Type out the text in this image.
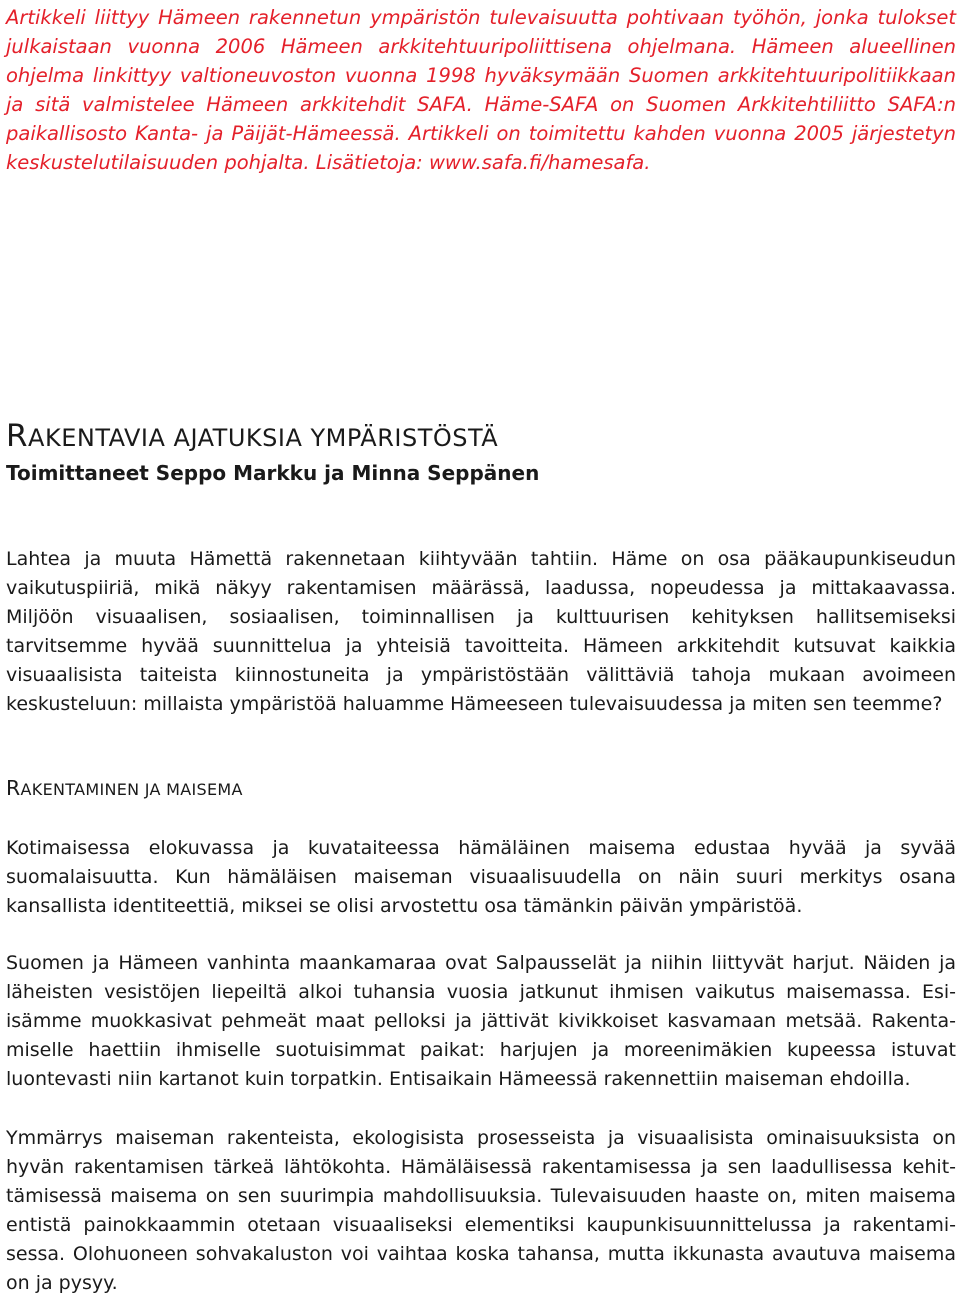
Artikkeli liittyy Hämeen rakennetun ympäristön tulevaisuutta pohtivaan työhön, jonka tulokset julkaistaan vuonna 2006 Hämeen arkkitehtuuripoliittisena ohjelmana. Hämeen alueellinen ohjelma linkittyy valtioneuvoston vuonna 1998 hyväksymään Suomen arkkitehtuuripolitiikkaan ja sitä valmistelee Hämeen arkkitehdit SAFA. Häme-SAFA on Suomen Arkkitehtiliitto SAFA:n paikallisosto Kanta- ja Päijät-Hämeessä. Artikkeli on toimitettu kahden vuonna 2005 järjestetyn keskustelutilaisuuden pohjalta. Lisätietoja: www.safa.fi/hamesafa.

RAKENTAVIA AJATUKSIA YMPÄRISTÖSTÄ

Toimittaneet Seppo Markku ja Minna Seppänen

Lahtea ja muuta Hämettä rakennetaan kiihtyvään tahtiin. Häme on osa pääkaupunkiseudun vaikutuspiiriä, mikä näkyy rakentamisen määrässä, laadussa, nopeudessa ja mittakaavassa. Miljöön visuaalisen, sosiaalisen, toiminnallisen ja kulttuurisen kehityksen hallitsemiseksi tarvitsemme hyvää suunnittelua ja yhteisiä tavoitteita. Hämeen arkkitehdit kutsuvat kaikkia visuaalisista taiteista kiinnostuneita ja ympäristöstään välittäviä tahoja mukaan avoimeen keskusteluun: millaista ympäristöä haluamme Hämeeseen tulevaisuudessa ja miten sen teemme?

RAKENTAMINEN JA MAISEMA

Kotimaisessa elokuvassa ja kuvataiteessa hämäläinen maisema edustaa hyvää ja syvää suomalaisuutta. Kun hämäläisen maiseman visuaalisuudella on näin suuri merkitys osana kansallista identiteettiä, miksei se olisi arvostettu osa tämänkin päivän ympäristöä.

Suomen ja Hämeen vanhinta maankamaraa ovat Salpausselät ja niihin liittyvät harjut. Näiden ja läheisten vesistöjen liepeiltä alkoi tuhansia vuosia jatkunut ihmisen vaikutus maisemassa. Esiisämme muokkasivat pehmeät maat pelloksi ja jättivät kivikkoiset kasvamaan metsää. Rakentamiselle haettiin ihmiselle suotuisimmat paikat: harjujen ja moreenimäkien kupeessa istuvat luontevasti niin kartanot kuin torpatkin. Entisaikain Hämeessä rakennettiin maiseman ehdoilla.

Ymmärrys maiseman rakenteista, ekologisista prosesseista ja visuaalisista ominaisuuksista on hyvän rakentamisen tärkeä lähtökohta. Hämäläisessä rakentamisessa ja sen laadullisessa kehittämisessä maisema on sen suurimpia mahdollisuuksia. Tulevaisuuden haaste on, miten maisema entistä painokkaammin otetaan visuaaliseksi elementiksi kaupunkisuunnittelussa ja rakentamisessa. Olohuoneen sohvakaluston voi vaihtaa koska tahansa, mutta ikkunasta avautuva maisema on ja pysyy.
